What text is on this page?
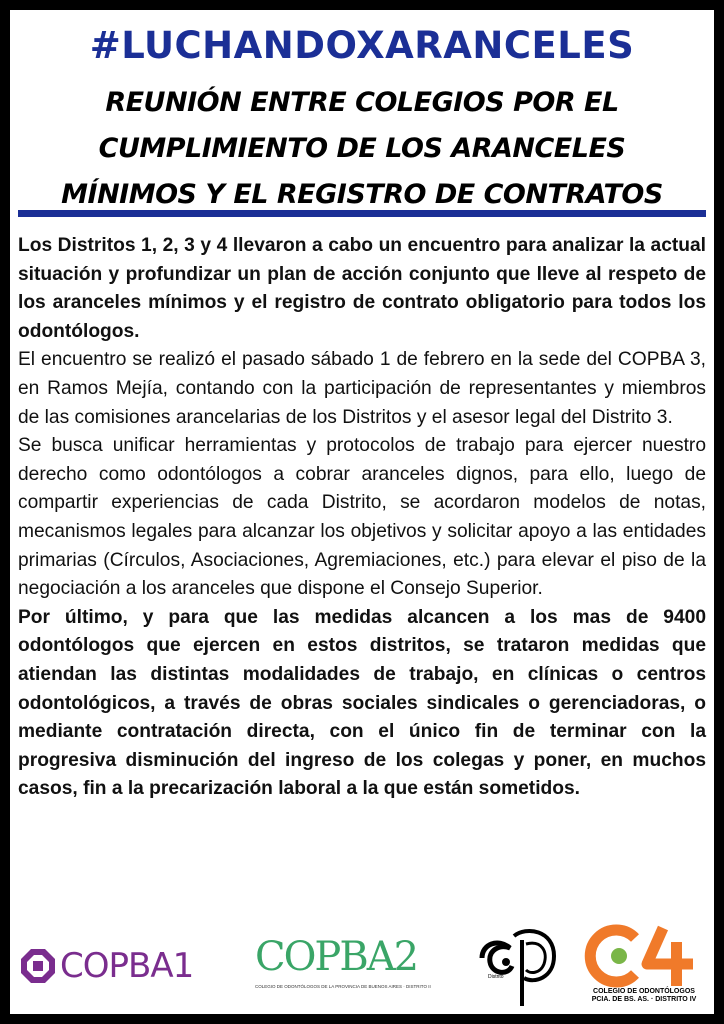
#LUCHANDOXARANCELES
REUNIÓN ENTRE COLEGIOS POR EL
CUMPLIMIENTO DE LOS ARANCELES
MÍNIMOS Y EL REGISTRO DE CONTRATOS

Los Distritos 1, 2, 3 y 4 llevaron a cabo un encuentro para analizar la actual situación y profundizar un plan de acción conjunto que lleve al respeto de los aranceles mínimos y el registro de contrato obligatorio para todos los odontólogos.

El encuentro se realizó el pasado sábado 1 de febrero en la sede del COPBA 3, en Ramos Mejía, contando con la participación de representantes y miembros de las comisiones arancelarias de los Distritos y el asesor legal del Distrito 3.

Se busca unificar herramientas y protocolos de trabajo para ejercer nuestro derecho como odontólogos a cobrar aranceles dignos, para ello, luego de compartir experiencias de cada Distrito, se acordaron modelos de notas, mecanismos legales para alcanzar los objetivos y solicitar apoyo a las entidades primarias (Círculos, Asociaciones, Agremiaciones, etc.) para elevar el piso de la negociación a los aranceles que dispone el Consejo Superior.

Por último, y para que las medidas alcancen a los mas de 9400 odontólogos que ejercen en estos distritos, se trataron medidas que atiendan las distintas modalidades de trabajo, en clínicas o centros odontológicos, a través de obras sociales sindicales o gerenciadoras, o mediante contratación directa, con el único fin de terminar con la progresiva disminución del ingreso de los colegas y poner, en muchos casos, fin a la precarización laboral a la que están sometidos.

COPBA1 COPBA2
COLEGIO DE ODONTÓLOGOS DE LA PROVINCIA DE BUENOS AIRES · DISTRITO II
Distrito
COLEGIO DE ODONTÓLOGOS
PCIA. DE BS. AS. · DISTRITO IV
